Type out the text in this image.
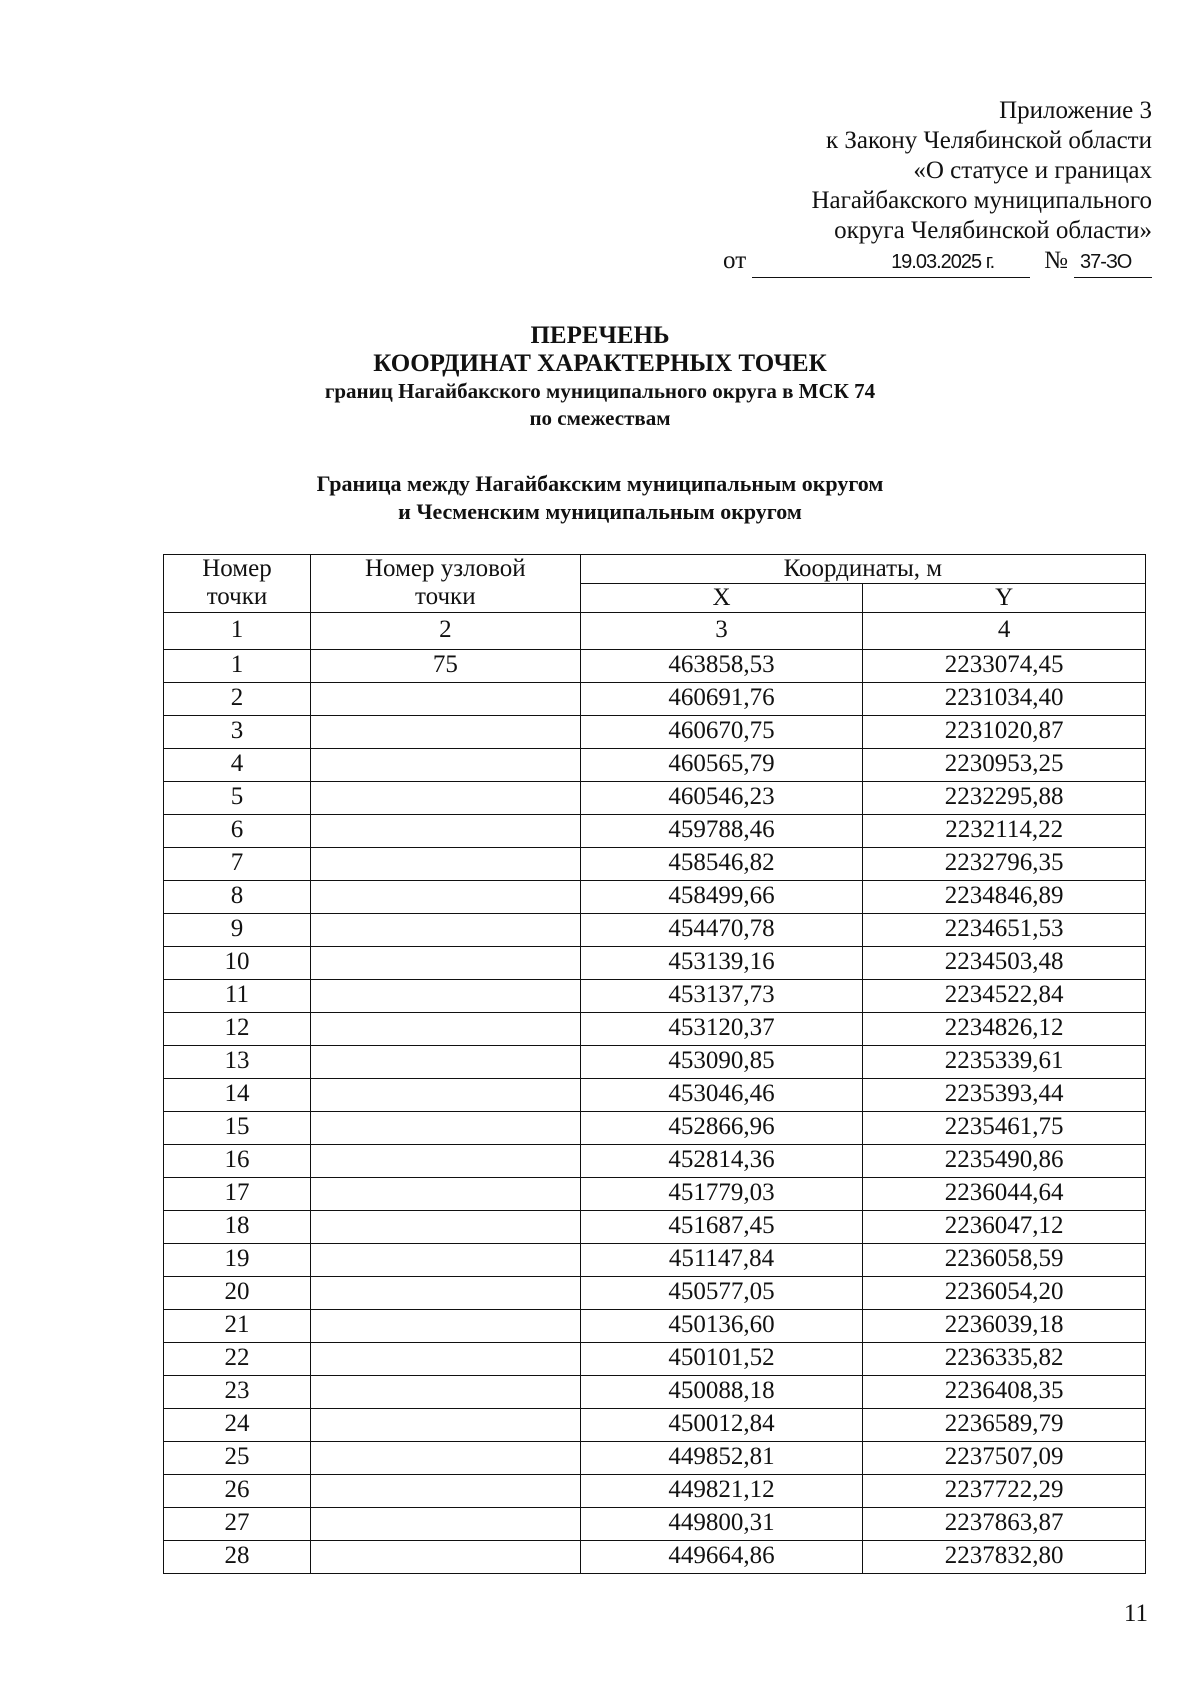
Приложение 3
к Закону Челябинской области
«О статусе и границах
Нагайбакского муниципального
округа Челябинской области»
от	19.03.2025 г.	№ 37-ЗО
ПЕРЕЧЕНЬ
КООРДИНАТ ХАРАКТЕРНЫХ ТОЧЕК
границ Нагайбакского муниципального округа в МСК 74
по смежествам
Граница между Нагайбакским муниципальным округом
и Чесменским муниципальным округом
Номер точки	Номер узловой точки	Координаты, м	
		X	Y
1	2	3	4
1	75	463858,53	2233074,45
2		460691,76	2231034,40
3		460670,75	2231020,87
4		460565,79	2230953,25
5		460546,23	2232295,88
6		459788,46	2232114,22
7		458546,82	2232796,35
8		458499,66	2234846,89
9		454470,78	2234651,53
10		453139,16	2234503,48
11		453137,73	2234522,84
12		453120,37	2234826,12
13		453090,85	2235339,61
14		453046,46	2235393,44
15		452866,96	2235461,75
16		452814,36	2235490,86
17		451779,03	2236044,64
18		451687,45	2236047,12
19		451147,84	2236058,59
20		450577,05	2236054,20
21		450136,60	2236039,18
22		450101,52	2236335,82
23		450088,18	2236408,35
24		450012,84	2236589,79
25		449852,81	2237507,09
26		449821,12	2237722,29
27		449800,31	2237863,87
28		449664,86	2237832,80
11
